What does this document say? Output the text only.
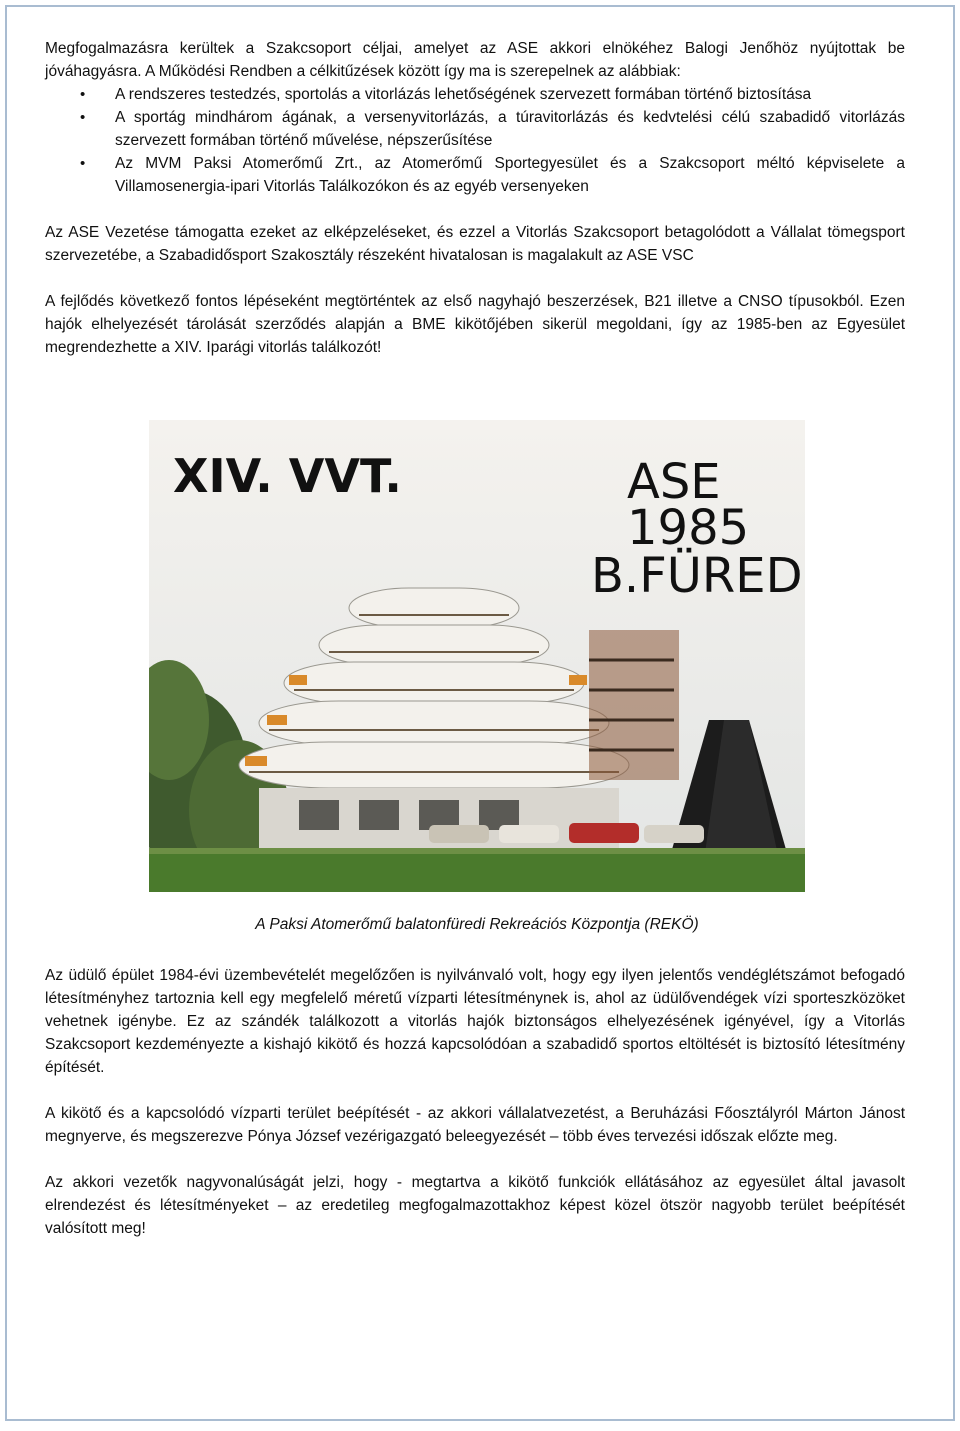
Megfogalmazásra kerültek a Szakcsoport céljai, amelyet az ASE akkori elnökéhez Balogi Jenőhöz nyújtottak be jóváhagyásra. A Működési Rendben a célkitűzések között így ma is szerepelnek az alábbiak:

• A rendszeres testedzés, sportolás a vitorlázás lehetőségének szervezett formában történő biztosítása
• A sportág mindhárom ágának, a versenyvitorlázás, a túravitorlázás és kedvtelési célú szabadidő vitorlázás szervezett formában történő művelése, népszerűsítése
• Az MVM Paksi Atomerőmű Zrt., az Atomerőmű Sportegyesület és a Szakcsoport méltó képviselete a Villamosenergia-ipari Vitorlás Találkozókon és az egyéb versenyeken

Az ASE Vezetése támogatta ezeket az elképzeléseket, és ezzel a Vitorlás Szakcsoport betagolódott a Vállalat tömegsport szervezetébe, a Szabadidősport Szakosztály részeként hivatalosan is magalakult az ASE VSC

A fejlődés következő fontos lépéseként megtörténtek az első nagyhajó beszerzések, B21 illetve a CNSO típusokból. Ezen hajók elhelyezését tárolását szerződés alapján a BME kikötőjében sikerül megoldani, így az 1985-ben az Egyesület megrendezhette a XIV. Iparági vitorlás találkozót!

XIV. VVT.	ASE
1985
B.FÜRED
A Paksi Atomerőmű balatonfüredi Rekreációs Központja (REKÖ)

Az üdülő épület 1984-évi üzembevételét megelőzően is nyilvánvaló volt, hogy egy ilyen jelentős vendéglétszámot befogadó létesítményhez tartoznia kell egy megfelelő méretű vízparti létesítménynek is, ahol az üdülővendégek vízi sporteszközöket vehetnek igénybe. Ez az szándék találkozott a vitorlás hajók biztonságos elhelyezésének igényével, így a Vitorlás Szakcsoport kezdeményezte a kishajó kikötő és hozzá kapcsolódóan a szabadidő sportos eltöltését is biztosító létesítmény építését.

A kikötő és a kapcsolódó vízparti terület beépítését - az akkori vállalatvezetést, a Beruházási Főosztályról Márton Jánost megnyerve, és megszerezve Pónya József vezérigazgató beleegyezését – több éves tervezési időszak előzte meg.

Az akkori vezetők nagyvonalúságát jelzi, hogy - megtartva a kikötő funkciók ellátásához az egyesület által javasolt elrendezést és létesítményeket – az eredetileg megfogalmazottakhoz képest közel ötször nagyobb terület beépítését valósított meg!
